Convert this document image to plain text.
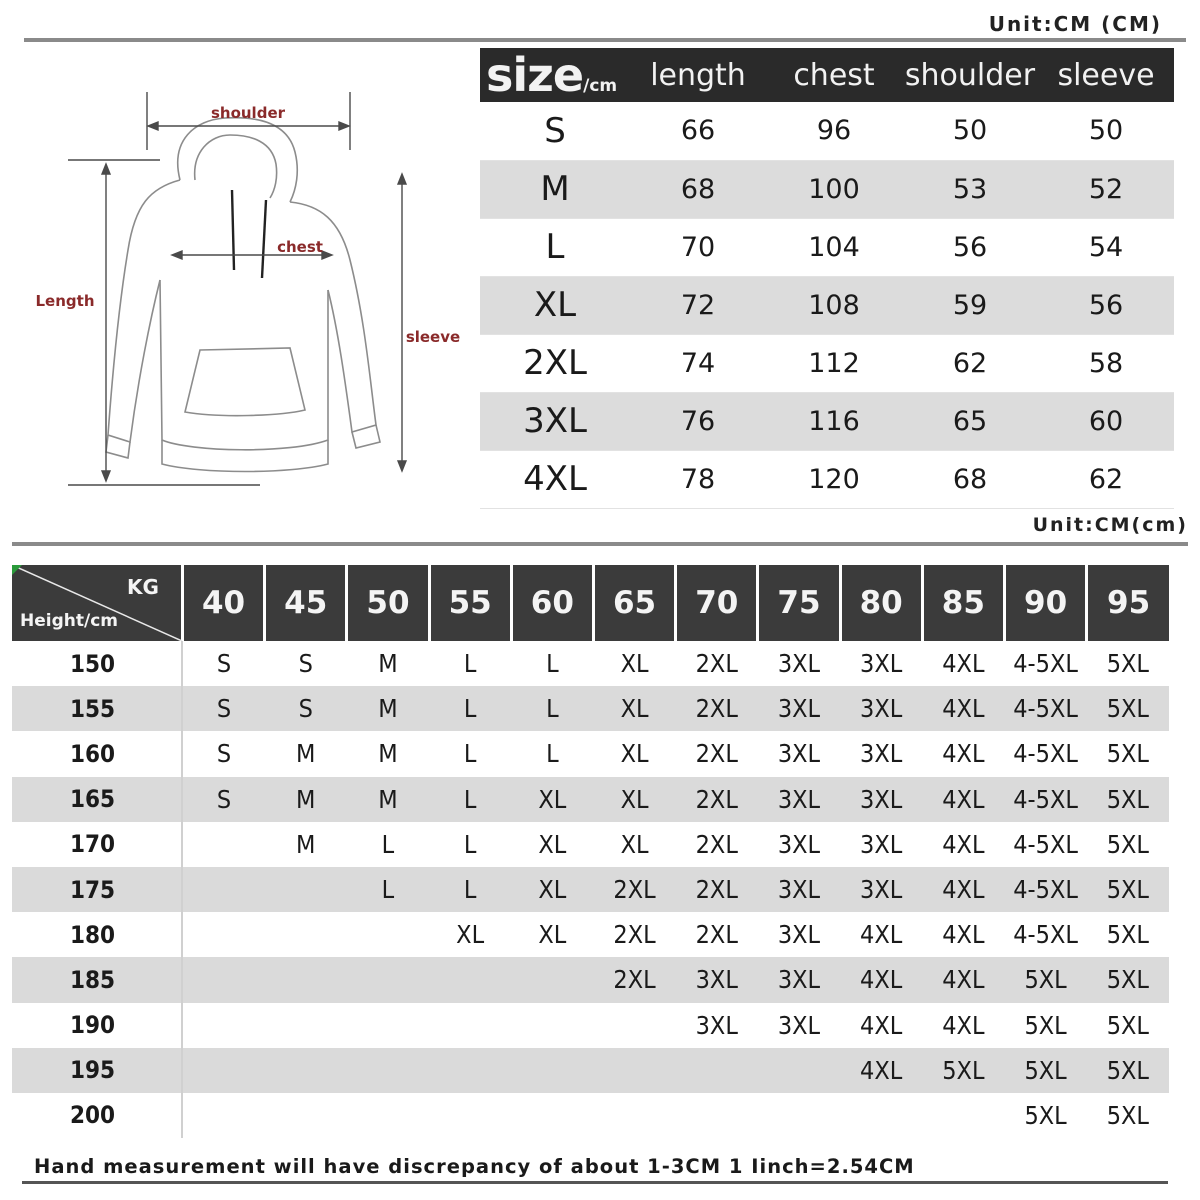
Unit:CM (CM)
shoulder
chest
Length
sleeve
size/cm	length	chest	shoulder	sleeve
S	66	96	50	50
M	68	100	53	52
L	70	104	56	54
XL	72	108	59	56
2XL	74	112	62	58
3XL	76	116	65	60
4XL	78	120	68	62
Unit:CM(cm)
KG
Height/cm	40	45	50	55	60	65	70	75	80	85	90	95
150	S	S	M	L	L	XL	2XL	3XL	3XL	4XL	4-5XL	5XL
155	S	S	M	L	L	XL	2XL	3XL	3XL	4XL	4-5XL	5XL
160	S	M	M	L	L	XL	2XL	3XL	3XL	4XL	4-5XL	5XL
165	S	M	M	L	XL	XL	2XL	3XL	3XL	4XL	4-5XL	5XL
170		M	L	L	XL	XL	2XL	3XL	3XL	4XL	4-5XL	5XL
175			L	L	XL	2XL	2XL	3XL	3XL	4XL	4-5XL	5XL
180				XL	XL	2XL	2XL	3XL	4XL	4XL	4-5XL	5XL
185						2XL	3XL	3XL	4XL	4XL	5XL	5XL
190							3XL	3XL	4XL	4XL	5XL	5XL
195									4XL	5XL	5XL	5XL
200											5XL	5XL
Hand measurement will have discrepancy of about 1-3CM 1 Iinch=2.54CM
